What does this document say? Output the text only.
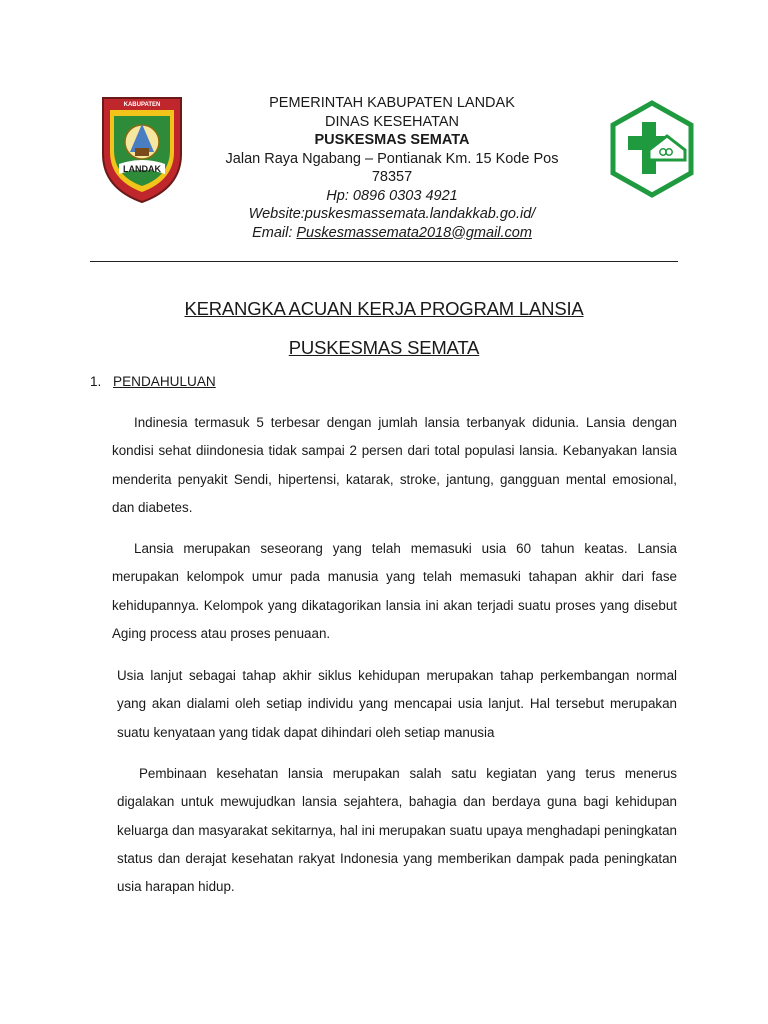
KABUPATEN
LANDAK
PEMERINTAH KABUPATEN LANDAK
DINAS KESEHATAN
PUSKESMAS SEMATA
Jalan Raya Ngabang – Pontianak Km. 15 Kode Pos 78357
Hp: 0896 0303 4921
Website:puskesmassemata.landakkab.go.id/
Email: Puskesmassemata2018@gmail.com
KERANGKA ACUAN KERJA PROGRAM LANSIA
PUSKESMAS SEMATA
1. PENDAHULUAN

Indinesia termasuk 5 terbesar dengan jumlah lansia terbanyak didunia. Lansia dengan kondisi sehat diindonesia tidak sampai 2 persen dari total populasi lansia. Kebanyakan lansia menderita penyakit Sendi, hipertensi, katarak, stroke, jantung, gangguan mental emosional, dan diabetes.

Lansia merupakan seseorang yang telah memasuki usia 60 tahun keatas. Lansia merupakan kelompok umur pada manusia yang telah memasuki tahapan akhir dari fase kehidupannya. Kelompok yang dikatagorikan lansia ini akan terjadi suatu proses yang disebut Aging process atau proses penuaan.

Usia lanjut sebagai tahap akhir siklus kehidupan merupakan tahap perkembangan normal yang akan dialami oleh setiap individu yang mencapai usia lanjut. Hal tersebut merupakan suatu kenyataan yang tidak dapat dihindari oleh setiap manusia

Pembinaan kesehatan lansia merupakan salah satu kegiatan yang terus menerus digalakan untuk mewujudkan lansia sejahtera, bahagia dan berdaya guna bagi kehidupan keluarga dan masyarakat sekitarnya, hal ini merupakan suatu upaya menghadapi peningkatan status dan derajat kesehatan rakyat Indonesia yang memberikan dampak pada peningkatan usia harapan hidup.
